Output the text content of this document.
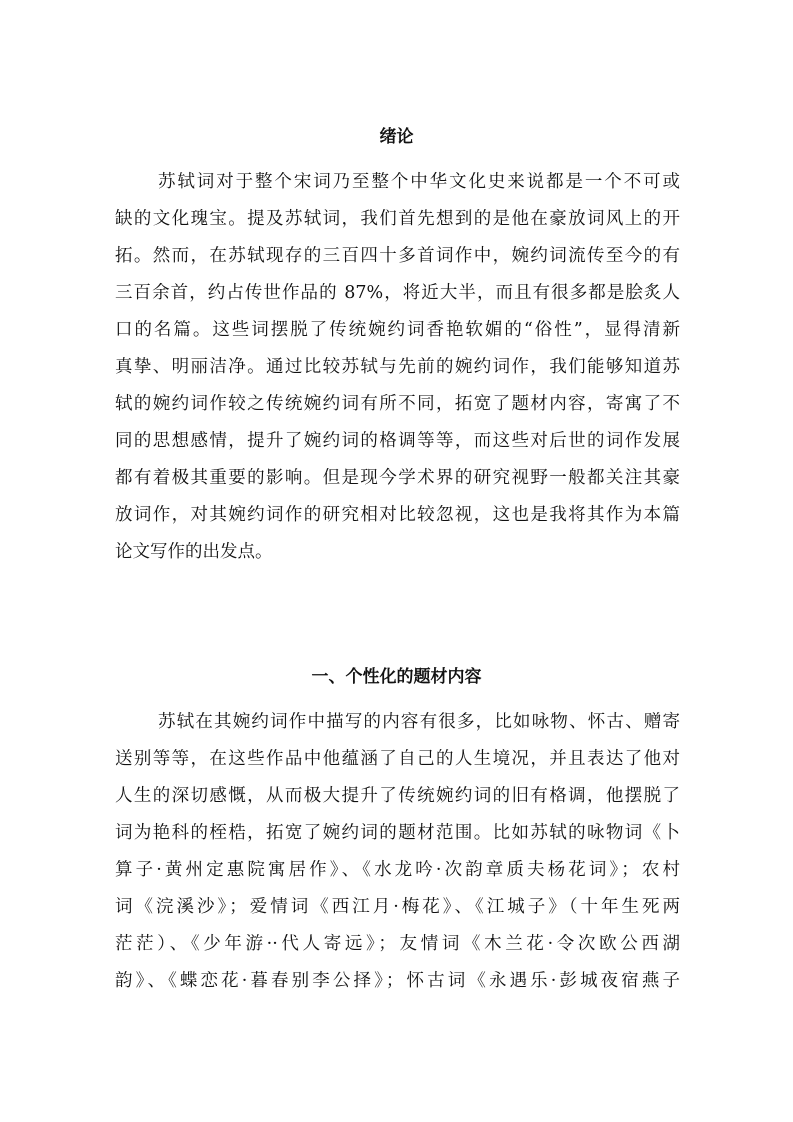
绪论

苏轼词对于整个宋词乃至整个中华文化史来说都是一个不可或

缺的文化瑰宝。提及苏轼词，我们首先想到的是他在豪放词风上的开

拓。然而，在苏轼现存的三百四十多首词作中，婉约词流传至今的有

三百余首，约占传世作品的 87%，将近大半，而且有很多都是脍炙人

口的名篇。这些词摆脱了传统婉约词香艳软媚的“俗性”，显得清新

真挚、明丽洁净。通过比较苏轼与先前的婉约词作，我们能够知道苏

轼的婉约词作较之传统婉约词有所不同，拓宽了题材内容，寄寓了不

同的思想感情，提升了婉约词的格调等等，而这些对后世的词作发展

都有着极其重要的影响。但是现今学术界的研究视野一般都关注其豪

放词作，对其婉约词作的研究相对比较忽视，这也是我将其作为本篇

论文写作的出发点。

一、个性化的题材内容

苏轼在其婉约词作中描写的内容有很多，比如咏物、怀古、赠寄

送别等等，在这些作品中他蕴涵了自己的人生境况，并且表达了他对

人生的深切感慨，从而极大提升了传统婉约词的旧有格调，他摆脱了

词为艳科的桎梏，拓宽了婉约词的题材范围。比如苏轼的咏物词《卜

算子·黄州定惠院寓居作》、《水龙吟·次韵章质夫杨花词》；农村

词《浣溪沙》；爱情词《西江月·梅花》、《江城子》（十年生死两

茫茫）、《少年游··代人寄远》；友情词《木兰花·令次欧公西湖

韵》、《蝶恋花·暮春别李公择》；怀古词《永遇乐·彭城夜宿燕子
